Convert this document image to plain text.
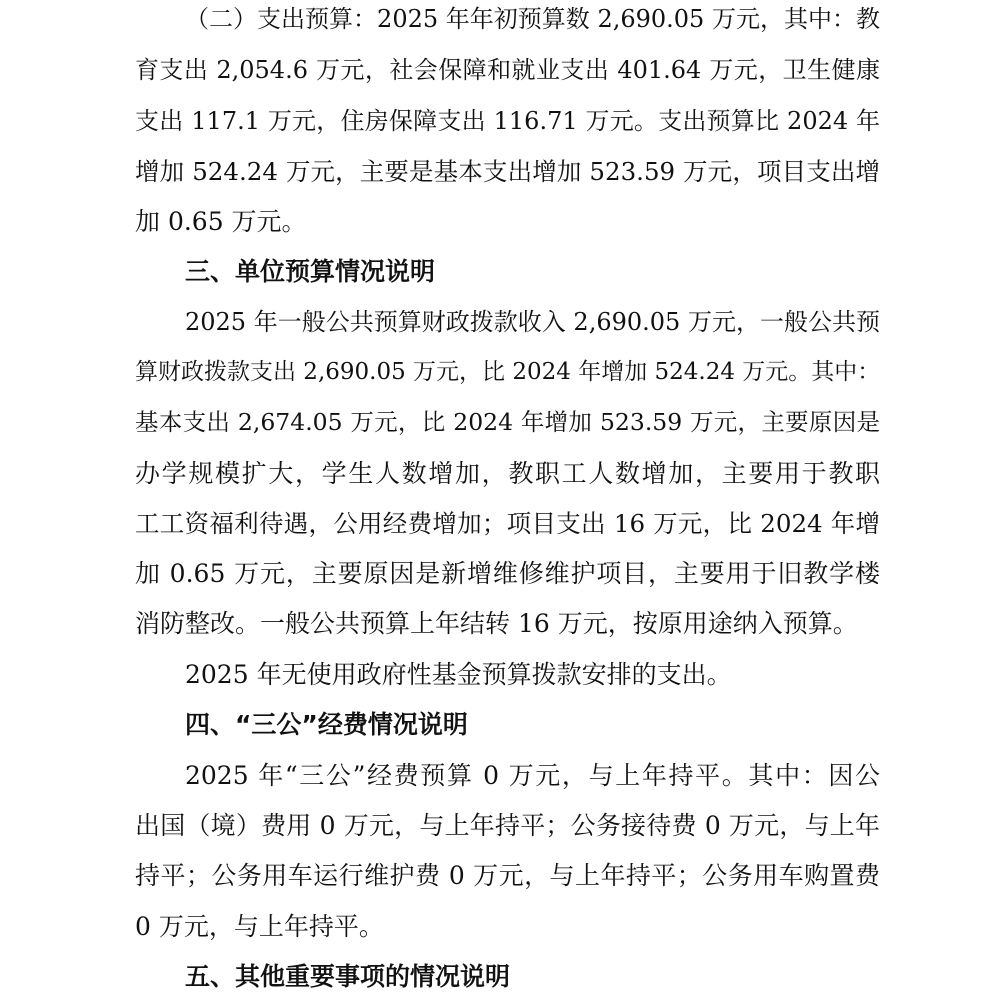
（二）支出预算：2025 年年初预算数 2,690.05 万元，其中：教
育支出 2,054.6 万元，社会保障和就业支出 401.64 万元，卫生健康
支出 117.1 万元，住房保障支出 116.71 万元。支出预算比 2024 年
增加 524.24 万元，主要是基本支出增加 523.59 万元，项目支出增
加 0.65 万元。
三、单位预算情况说明
2025 年一般公共预算财政拨款收入 2,690.05 万元，一般公共预
算财政拨款支出 2,690.05 万元，比 2024 年增加 524.24 万元。其中：
基本支出 2,674.05 万元，比 2024 年增加 523.59 万元，主要原因是
办学规模扩大，学生人数增加，教职工人数增加，主要用于教职
工工资福利待遇，公用经费增加；项目支出 16 万元，比 2024 年增
加 0.65 万元，主要原因是新增维修维护项目，主要用于旧教学楼
消防整改。一般公共预算上年结转 16 万元，按原用途纳入预算。
2025 年无使用政府性基金预算拨款安排的支出。
四、“三公”经费情况说明
2025 年“三公”经费预算 0 万元，与上年持平。其中：因公
出国（境）费用 0 万元，与上年持平；公务接待费 0 万元，与上年
持平；公务用车运行维护费 0 万元，与上年持平；公务用车购置费
0 万元，与上年持平。
五、其他重要事项的情况说明
